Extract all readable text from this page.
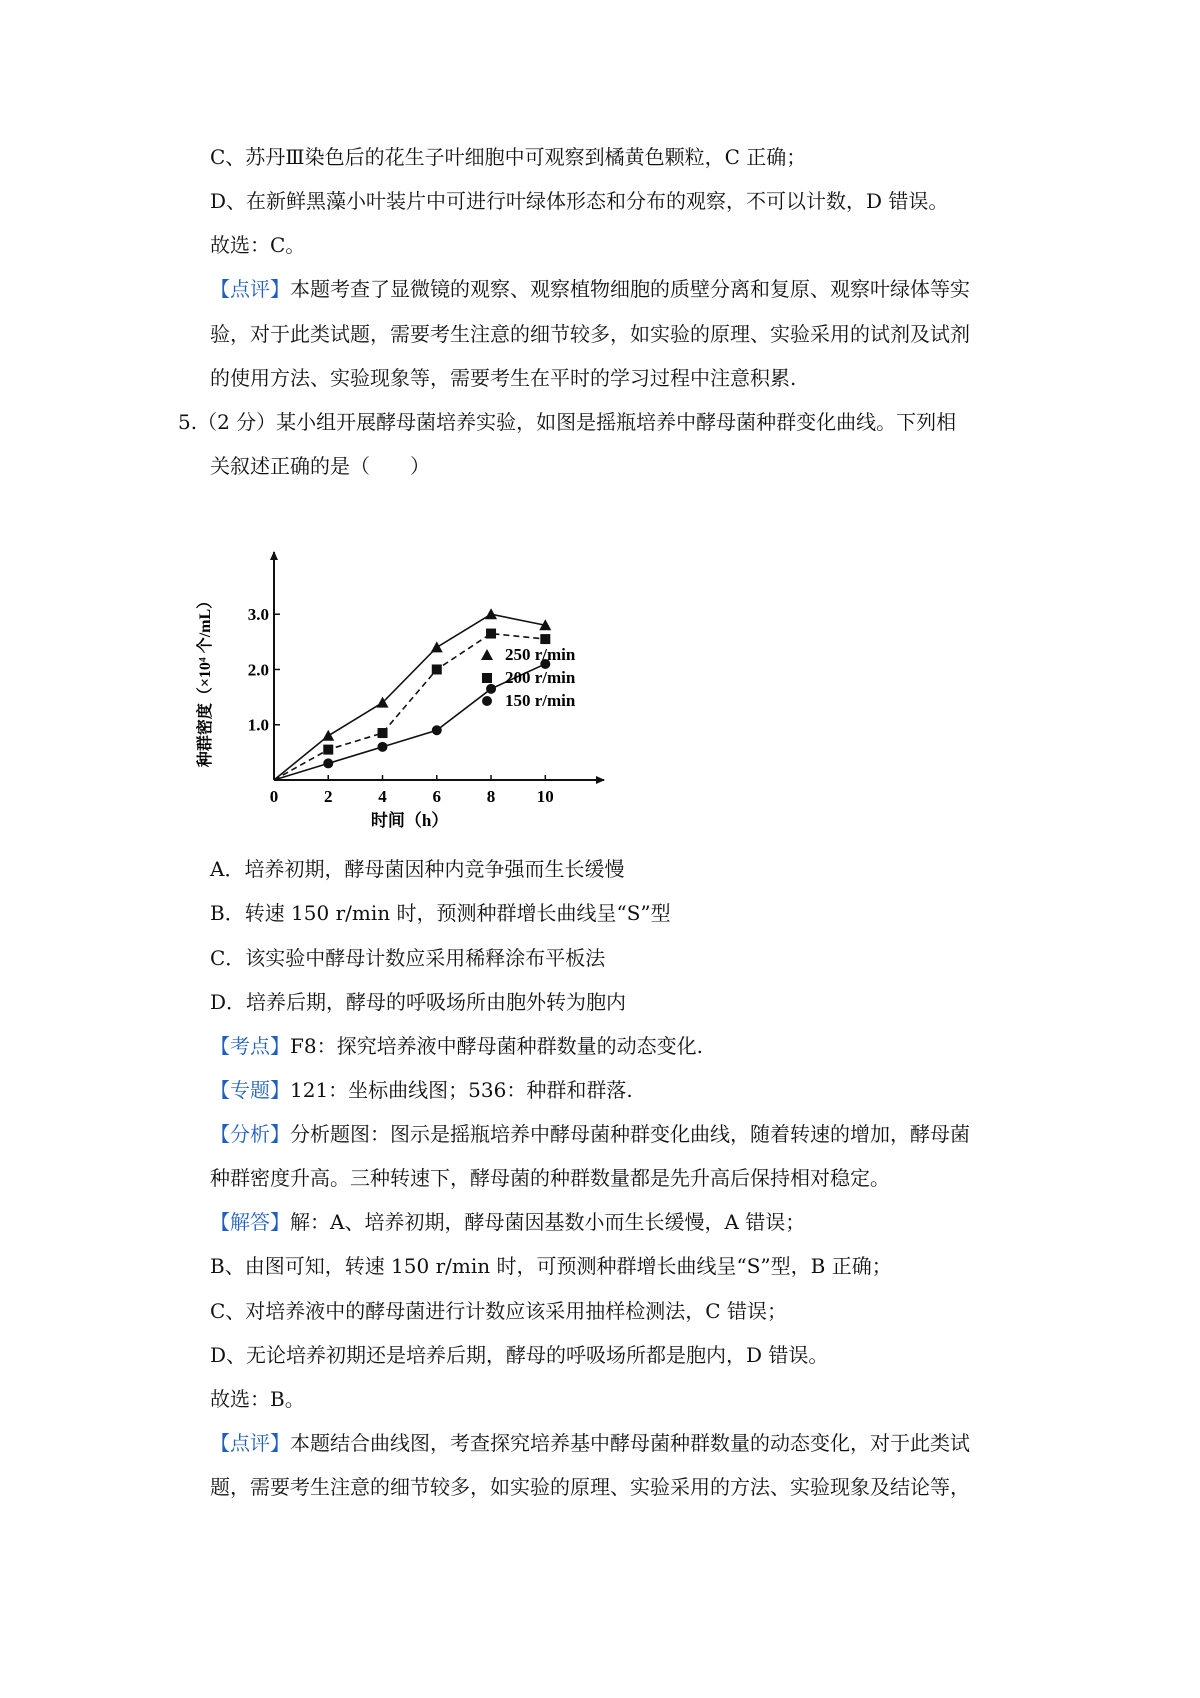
C、苏丹Ⅲ染色后的花生子叶细胞中可观察到橘黄色颗粒，C 正确；
D、在新鲜黑藻小叶装片中可进行叶绿体形态和分布的观察，不可以计数，D 错误。
故选：C。
【点评】本题考查了显微镜的观察、观察植物细胞的质壁分离和复原、观察叶绿体等实
验，对于此类试题，需要考生注意的细节较多，如实验的原理、实验采用的试剂及试剂
的使用方法、实验现象等，需要考生在平时的学习过程中注意积累.
5.（2 分）某小组开展酵母菌培养实验，如图是摇瓶培养中酵母菌种群变化曲线。下列相
关叙述正确的是（　　）
0	2	4	6	8 10
1.0
2.0
3.0
时间（h）
种群密度（×10⁴ 个/mL）	250 r/min
200 r/min
150 r/min
A．培养初期，酵母菌因种内竞争强而生长缓慢
B．转速 150 r/min 时，预测种群增长曲线呈“S”型
C．该实验中酵母计数应采用稀释涂布平板法
D．培养后期，酵母的呼吸场所由胞外转为胞内
【考点】F8：探究培养液中酵母菌种群数量的动态变化.
【专题】121：坐标曲线图；536：种群和群落.
【分析】分析题图：图示是摇瓶培养中酵母菌种群变化曲线，随着转速的增加，酵母菌
种群密度升高。三种转速下，酵母菌的种群数量都是先升高后保持相对稳定。
【解答】解：A、培养初期，酵母菌因基数小而生长缓慢，A 错误；
B、由图可知，转速 150 r/min 时，可预测种群增长曲线呈“S”型，B 正确；
C、对培养液中的酵母菌进行计数应该采用抽样检测法，C 错误；
D、无论培养初期还是培养后期，酵母的呼吸场所都是胞内，D 错误。
故选：B。
【点评】本题结合曲线图，考查探究培养基中酵母菌种群数量的动态变化，对于此类试
题，需要考生注意的细节较多，如实验的原理、实验采用的方法、实验现象及结论等，
